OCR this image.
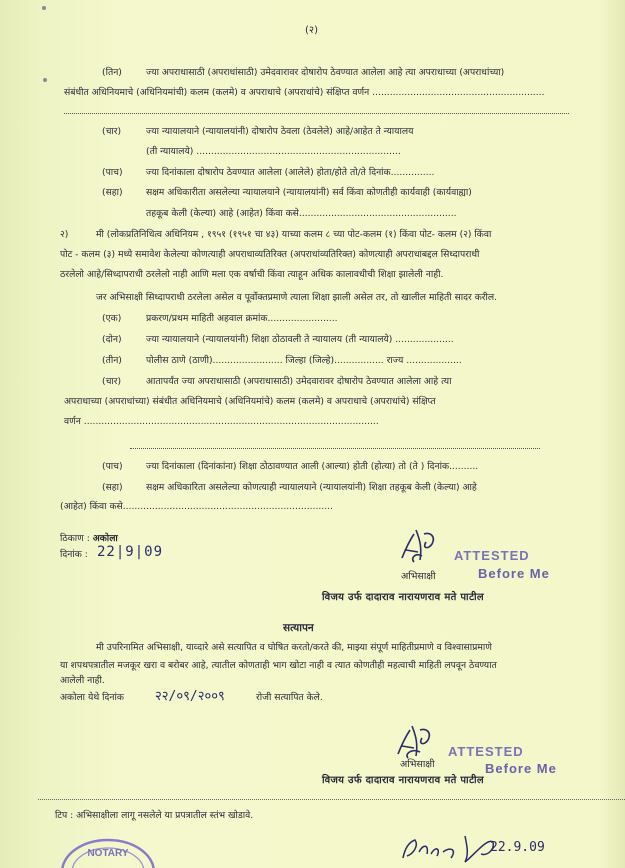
(२)
(तिन)	ज्या अपराधासाठी (अपराधांसाठी) उमेदवारावर दोषारोप ठेवण्यात आलेला आहे त्या अपराधाच्या (अपराधांच्या)
संबंधीत अधिनियमाचे (अधिनियमांची) कलम (कलमे) व अपराधाचे (अपराधांचे) संक्षिप्त वर्णन ...........................................................
(चार)	ज्या न्यायालयाने (न्यायालयांनी) दोषारोप ठेवला (ठेवलेले) आहे/आहेत ते न्यायालय
(ती न्यायालये) ......................................................................
(पाच)	ज्या दिनांकाला दोषारोप ठेवण्यात आलेला (आलेले) होता/होते तो/ते दिनांक...............
(सहा)	सक्षम अधिकारीता असलेल्या न्यायालयाने (न्यायालयांनी) सर्व किंवा कोणतीही कार्यवाही (कार्यवाह्या)
तहकूब केली (केल्या) आहे (आहेत) किंवा कसे......................................................
२)	मी (लोकप्रतिनिधित्व अधिनियम , १९५१ (१९५१ चा ४३) याच्या कलम ८ च्या पोट-कलम (१) किंवा पोट- कलम (२) किंवा
पोट - कलम (३) मध्ये समावेश केलेल्या कोणत्याही अपराधाव्यतिरिक्त (अपराधांव्यतिरिक्त) कोणत्याही अपराधाबद्दल सिध्दापराधी
ठरलेलो आहे/सिध्दापराधी ठरलेलो नाही आणि मला एक वर्षाची किंवा त्याहून अधिक कालावधीची शिक्षा झालेली नाही.
जर अभिसाक्षी सिध्दापराधी ठरलेला असेल व पूर्वोक्तप्रमाणे त्याला शिक्षा झाली असेल तर, तो खालील माहिती सादर करील.
(एक)	प्रकरण/प्रथम माहिती अहवाल क्रमांक........................
(दोन)	ज्या न्यायालयाने (न्यायालयांनी) शिक्षा ठोठावली ते न्यायालय (ती न्यायालये) ....................
(तीन)	पोलीस ठाणे (ठाणी)........................ जिल्हा (जिल्हे)................. राज्य ...................
(चार)	आतापर्यंत ज्या अपराधासाठी (अपराधासाठी) उमेदवारावर दोषारोप ठेवण्यात आलेला आहे त्या
अपराधाच्या (अपराधांच्या) संबंधीत अधिनियमाचे (अधिनियमांचे) कलम (कलमे) व अपराधाचे (अपराधांचे) संक्षिप्त
वर्णन .....................................................................................................
(पाच)	ज्या दिनांकाला (दिनांकांना) शिक्षा ठोठावण्यात आली (आल्या) होती (होत्या) तो (ते ) दिनांक..........
(सहा)	सक्षम अधिकारिता असलेल्या कोणत्याही न्यायालयाने (न्यायालयांनी) शिक्षा तहकूब केली (केल्या) आहे
(आहेत) किंवा कसे........................................................................
ठिकाण : अकोला
दिनांक : 22|9|09
अभिसाक्षी
ATTESTED
Before Me
विजय उर्फ दादाराव नारायणराव मते पाटील
सत्यापन
मी उपरिनामित अभिसाक्षी, याव्दारे असे सत्यापित व घोषित करतो/करते की, माझ्या संपूर्ण माहितीप्रमाणे व विश्वासाप्रमाणे
या शपथपत्रातील मजकूर खरा व बरोबर आहे, त्यातील कोणताही भाग खोटा नाही व त्यात कोणतीही महत्वाची माहिती लपवून ठेवण्यात
आलेली नाही.
अकोला येथे दिनांक २२/०९/२००९	रोजी सत्यापित केले.
अभिसाक्षी
ATTESTED
Before Me
विजय उर्फ दादाराव नारायणराव मते पाटील
टिप : अभिसाक्षीला लागू नसलेले या प्रपत्रातील स्तंभ खोडावे.
NOTARY	22.9.09
